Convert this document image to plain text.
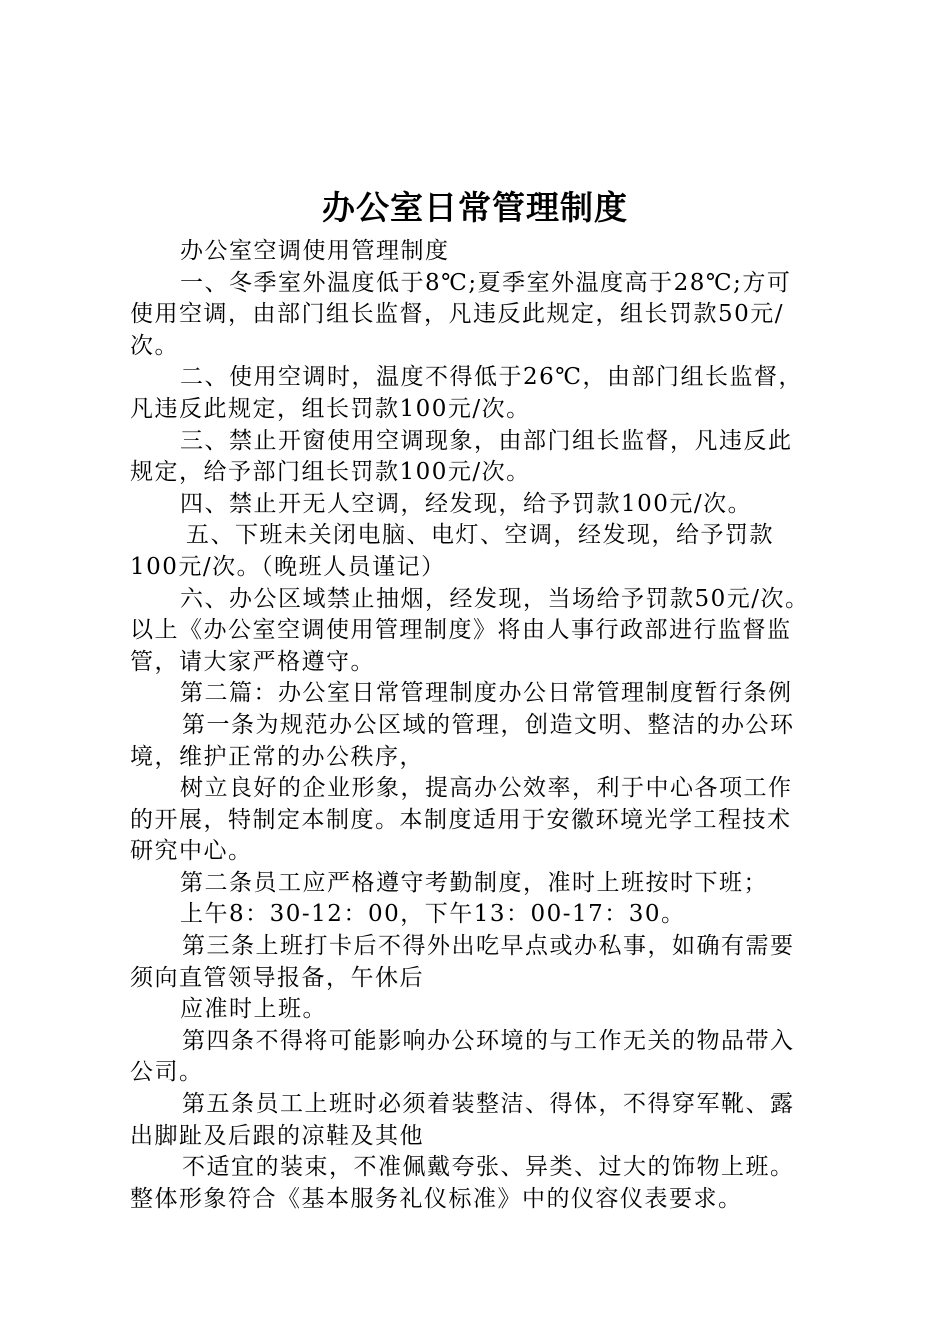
办公室日常管理制度
办公室空调使用管理制度
一、冬季室外温度低于8℃;夏季室外温度高于28℃;方可
使用空调，由部门组长监督，凡违反此规定，组长罚款50元/
次。
二、使用空调时，温度不得低于26℃，由部门组长监督，
凡违反此规定，组长罚款100元/次。
三、禁止开窗使用空调现象，由部门组长监督，凡违反此
规定，给予部门组长罚款100元/次。
四、禁止开无人空调，经发现，给予罚款100元/次。
五、下班未关闭电脑、电灯、空调，经发现，给予罚款
100元/次。（晚班人员谨记）
六、办公区域禁止抽烟，经发现，当场给予罚款50元/次。
以上《办公室空调使用管理制度》将由人事行政部进行监督监
管，请大家严格遵守。
第二篇：办公室日常管理制度办公日常管理制度暂行条例
第一条为规范办公区域的管理，创造文明、整洁的办公环
境，维护正常的办公秩序，
树立良好的企业形象，提高办公效率，利于中心各项工作
的开展，特制定本制度。本制度适用于安徽环境光学工程技术
研究中心。
第二条员工应严格遵守考勤制度，准时上班按时下班；
上午8：30-12：00，下午13：00-17：30。
第三条上班打卡后不得外出吃早点或办私事，如确有需要
须向直管领导报备，午休后
应准时上班。
第四条不得将可能影响办公环境的与工作无关的物品带入
公司。
第五条员工上班时必须着装整洁、得体，不得穿军靴、露
出脚趾及后跟的凉鞋及其他
不适宜的装束，不准佩戴夸张、异类、过大的饰物上班。
整体形象符合《基本服务礼仪标准》中的仪容仪表要求。
